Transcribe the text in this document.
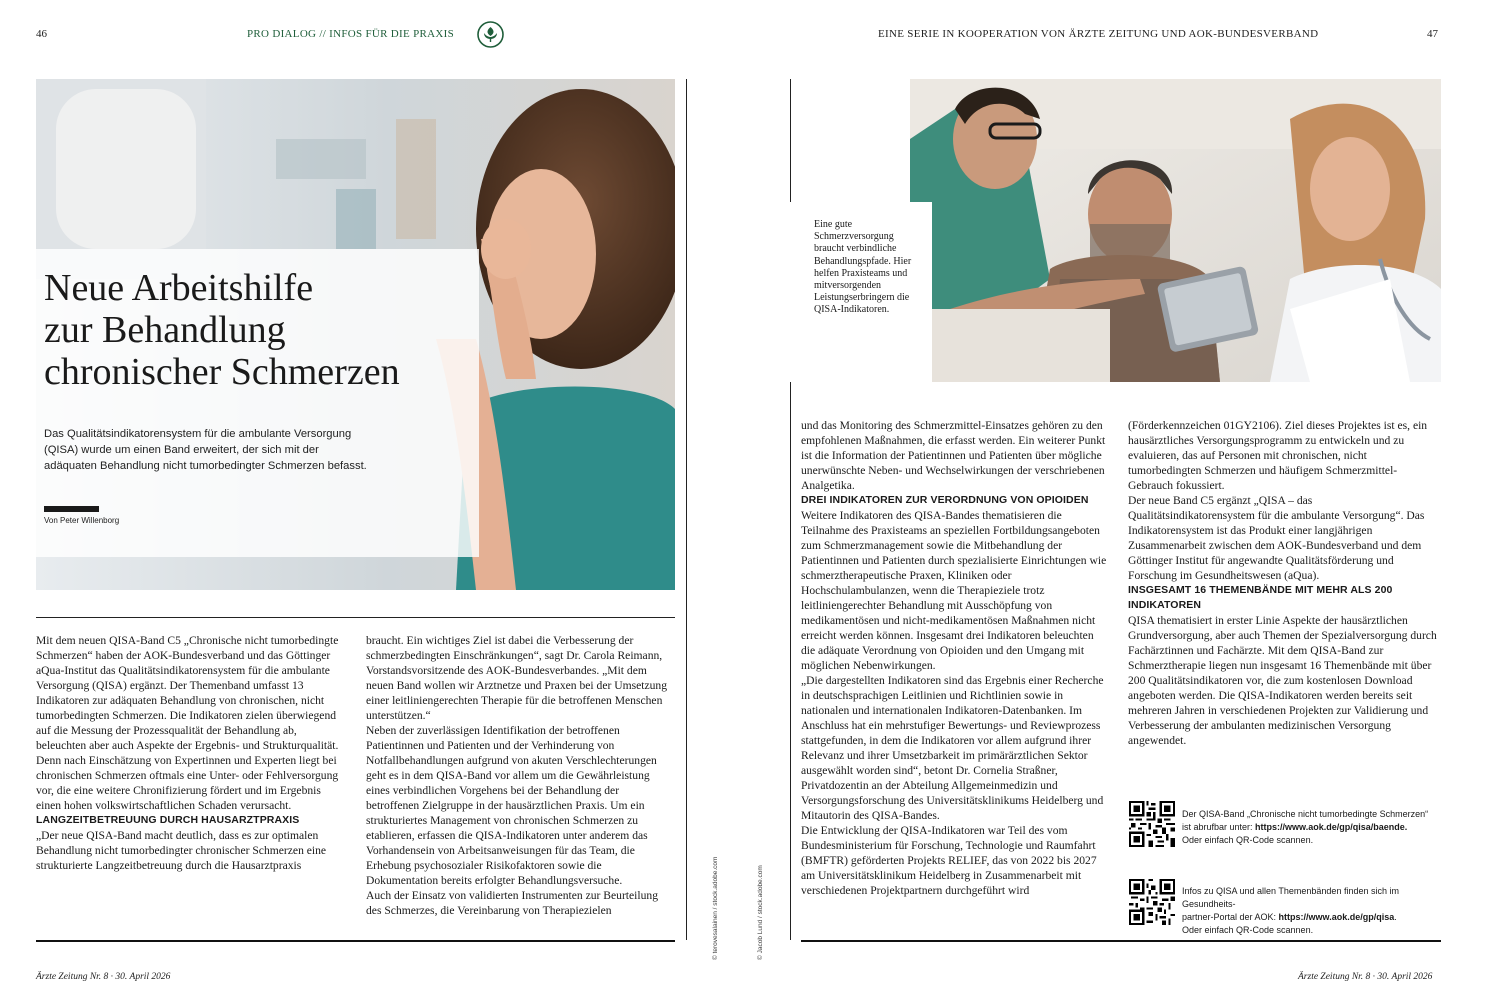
46	PRO DIALOG // INFOS FÜR DIE PRAXIS	EINE SERIE IN KOOPERATION VON ÄRZTE ZEITUNG UND AOK-BUNDESVERBAND	47
Neue Arbeitshilfe
zur Behandlung
chronischer Schmerzen

Das Qualitätsindikatorensystem für die ambulante Versorgung (QISA) wurde um einen Band erweitert, der sich mit der adäquaten Behandlung nicht tumorbedingter Schmerzen befasst.

Von Peter Willenborg

Mit dem neuen QISA-Band C5 „Chronische nicht tumorbedingte Schmerzen“ haben der AOK-Bundesverband und das Göttinger aQua-Institut das Qualitätsindikatorensystem für die ambulante Versorgung (QISA) ergänzt. Der Themenband umfasst 13 Indikatoren zur adäquaten Behandlung von chronischen, nicht tumorbedingten Schmerzen. Die Indikatoren zielen überwiegend auf die Messung der Prozessqualität der Behandlung ab, beleuchten aber auch Aspekte der Ergebnis- und Strukturqualität.

Denn nach Einschätzung von Expertinnen und Experten liegt bei chronischen Schmerzen oftmals eine Unter- oder Fehlversorgung vor, die eine weitere Chronifizierung fördert und im Ergebnis einen hohen volkswirtschaftlichen Schaden verursacht.

LANGZEITBETREUUNG DURCH HAUSARZTPRAXIS

„Der neue QISA-Band macht deutlich, dass es zur optimalen Behandlung nicht tumorbedingter chronischer Schmerzen eine strukturierte Langzeitbetreuung durch die Hausarztpraxis

braucht. Ein wichtiges Ziel ist dabei die Verbesserung der schmerzbedingten Einschränkungen“, sagt Dr. Carola Reimann, Vorstandsvorsitzende des AOK-Bundesverbandes. „Mit dem neuen Band wollen wir Arztnetze und Praxen bei der Umsetzung einer leitliniengerechten Therapie für die betroffenen Menschen unterstützen.“

Neben der zuverlässigen Identifikation der betroffenen Patientinnen und Patienten und der Verhinderung von Notfallbehandlungen aufgrund von akuten Verschlechterungen geht es in dem QISA-Band vor allem um die Gewährleistung eines verbindlichen Vorgehens bei der Behandlung der betroffenen Zielgruppe in der hausärztlichen Praxis. Um ein strukturiertes Management von chronischen Schmerzen zu etablieren, erfassen die QISA-Indikatoren unter anderem das Vorhandensein von Arbeitsanweisungen für das Team, die Erhebung psychosozialer Risikofaktoren sowie die Dokumentation bereits erfolgter Behandlungsversuche.

Auch der Einsatz von validierten Instrumenten zur Beurteilung des Schmerzes, die Vereinbarung von Therapiezielen	© terovesalainen / stock.adobe.com	© Jacob Lund / stock.adobe.com

Eine gute Schmerzversorgung braucht verbindliche Behandlungspfade. Hier helfen Praxisteams und mitversorgenden Leistungserbringern die QISA-Indikatoren.

und das Monitoring des Schmerzmittel-Einsatzes gehören zu den empfohlenen Maßnahmen, die erfasst werden. Ein weiterer Punkt ist die Information der Patientinnen und Patienten über mögliche unerwünschte Neben- und Wechselwirkungen der verschriebenen Analgetika.

DREI INDIKATOREN ZUR VERORDNUNG VON OPIOIDEN

Weitere Indikatoren des QISA-Bandes thematisieren die Teilnahme des Praxisteams an speziellen Fortbildungsangeboten zum Schmerzmanagement sowie die Mitbehandlung der Patientinnen und Patienten durch spezialisierte Einrichtungen wie schmerztherapeutische Praxen, Kliniken oder Hochschulambulanzen, wenn die Therapieziele trotz leitliniengerechter Behandlung mit Ausschöpfung von medikamentösen und nicht-medikamentösen Maßnahmen nicht erreicht werden können. Insgesamt drei Indikatoren beleuchten die adäquate Verordnung von Opioiden und den Umgang mit möglichen Nebenwirkungen.

„Die dargestellten Indikatoren sind das Ergebnis einer Recherche in deutschsprachigen Leitlinien und Richtlinien sowie in nationalen und internationalen Indikatoren-Datenbanken. Im Anschluss hat ein mehrstufiger Bewertungs- und Reviewprozess stattgefunden, in dem die Indikatoren vor allem aufgrund ihrer Relevanz und ihrer Umsetzbarkeit im primärärztlichen Sektor ausgewählt worden sind“, betont Dr. Cornelia Straßner, Privatdozentin an der Abteilung Allgemeinmedizin und Versorgungsforschung des Universitätsklinikums Heidelberg und Mitautorin des QISA-Bandes.

Die Entwicklung der QISA-Indikatoren war Teil des vom Bundesministerium für Forschung, Technologie und Raumfahrt (BMFTR) geförderten Projekts RELIEF, das von 2022 bis 2027 am Universitätsklinikum Heidelberg in Zusammenarbeit mit verschiedenen Projektpartnern durchgeführt wird

(Förderkennzeichen 01GY2106). Ziel dieses Projektes ist es, ein hausärztliches Versorgungsprogramm zu entwickeln und zu evaluieren, das auf Personen mit chronischen, nicht tumorbedingten Schmerzen und häufigem Schmerzmittel-Gebrauch fokussiert.

Der neue Band C5 ergänzt „QISA – das Qualitätsindikatorensystem für die ambulante Versorgung“. Das Indikatorensystem ist das Produkt einer langjährigen Zusammenarbeit zwischen dem AOK-Bundesverband und dem Göttinger Institut für angewandte Qualitätsförderung und Forschung im Gesundheitswesen (aQua).

INSGESAMT 16 THEMENBÄNDE MIT MEHR ALS 200 INDIKATOREN

QISA thematisiert in erster Linie Aspekte der hausärztlichen Grundversorgung, aber auch Themen der Spezialversorgung durch Fachärztinnen und Fachärzte. Mit dem QISA-Band zur Schmerztherapie liegen nun insgesamt 16 Themenbände mit über 200 Qualitätsindikatoren vor, die zum kostenlosen Download angeboten werden. Die QISA-Indikatoren werden bereits seit mehreren Jahren in verschiedenen Projekten zur Validierung und Verbesserung der ambulanten medizinischen Versorgung angewendet.

Der QISA-Band „Chronische nicht tumorbedingte Schmerzen“
ist abrufbar unter: https://www.aok.de/gp/qisa/baende.
Oder einfach QR-Code scannen.
Infos zu QISA und allen Themenbänden finden sich im Gesundheits-
partner-Portal der AOK: https://www.aok.de/gp/qisa.
Oder einfach QR-Code scannen.
Ärzte Zeitung Nr. 8 · 30. April 2026	Ärzte Zeitung Nr. 8 · 30. April 2026
